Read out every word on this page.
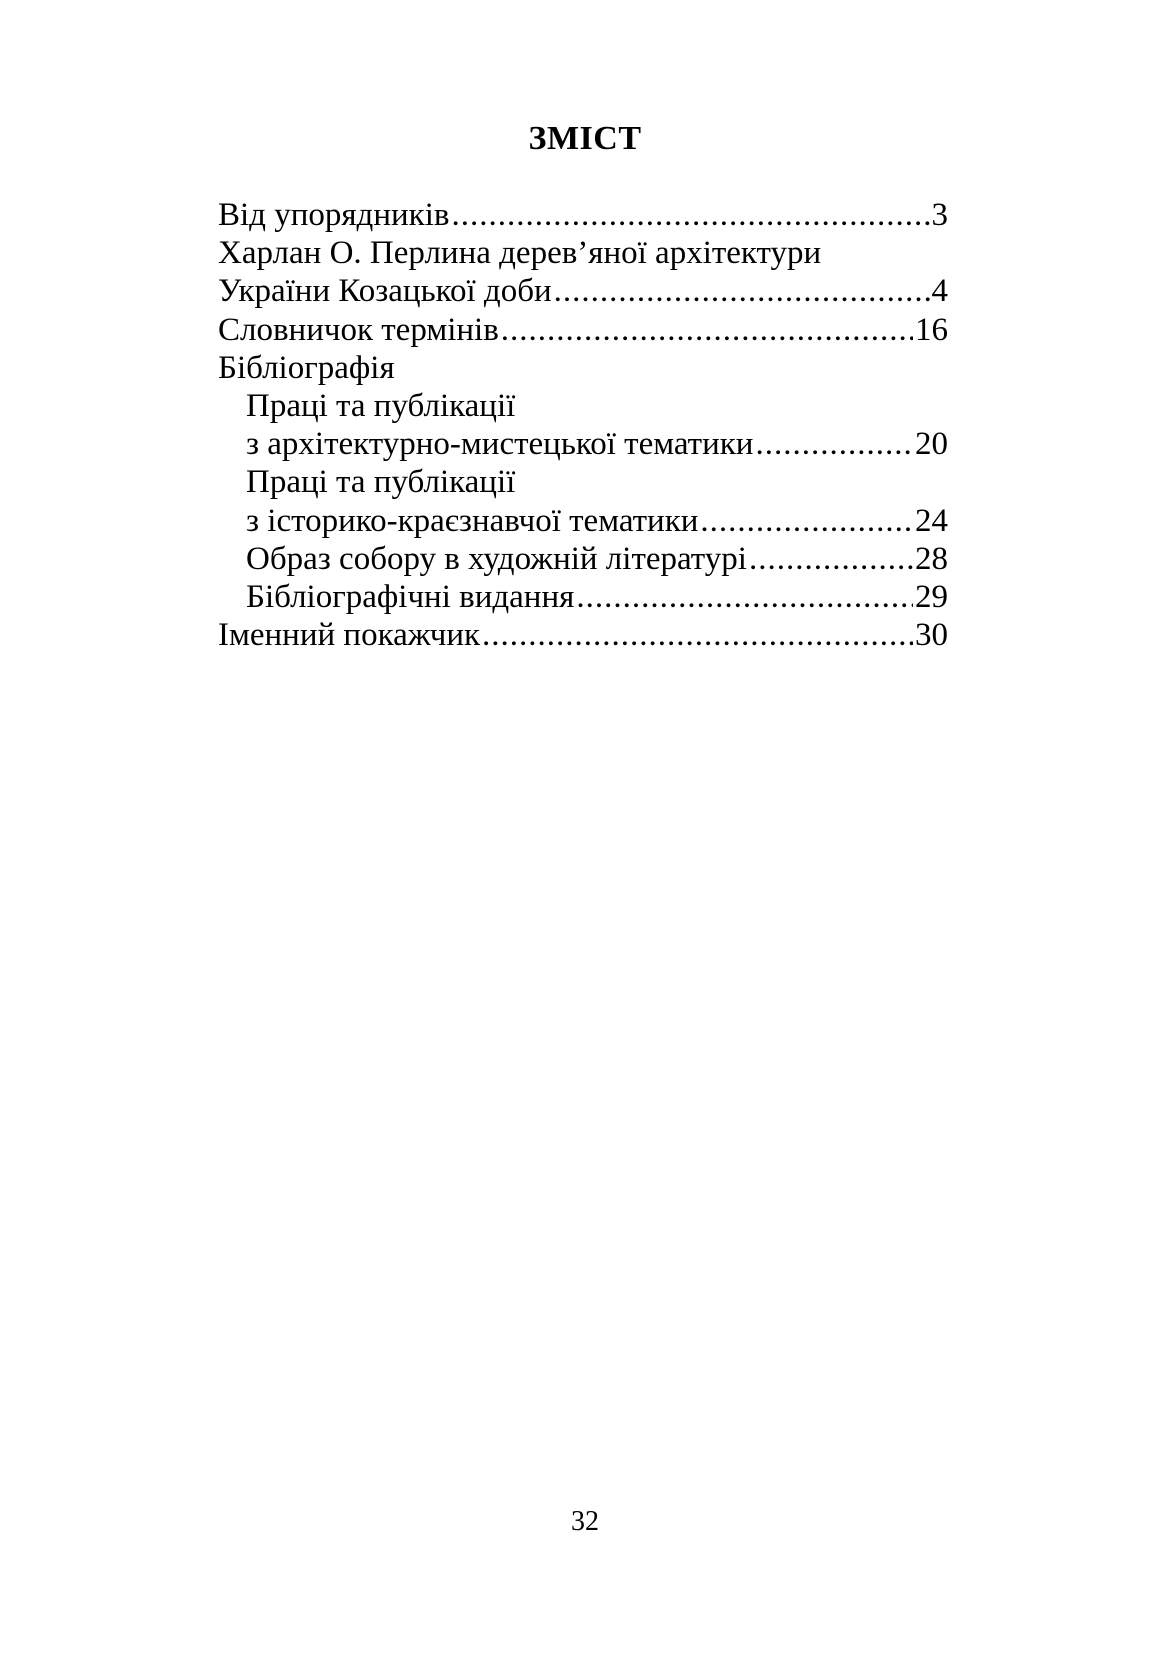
ЗМІСТ
Від упорядників .....	3
Харлан О. Перлина дерев’яної архітектури
України Козацької доби .....	4
Словничок термінів .....	16
Бібліографія
Праці та публікації
з архітектурно-мистецької тематики .....	20
Праці та публікації
з історико-краєзнавчої тематики .....	24
Образ собору в художній літературі .....	28
Бібліографічні видання .....	29
Іменний покажчик .....	30
32
